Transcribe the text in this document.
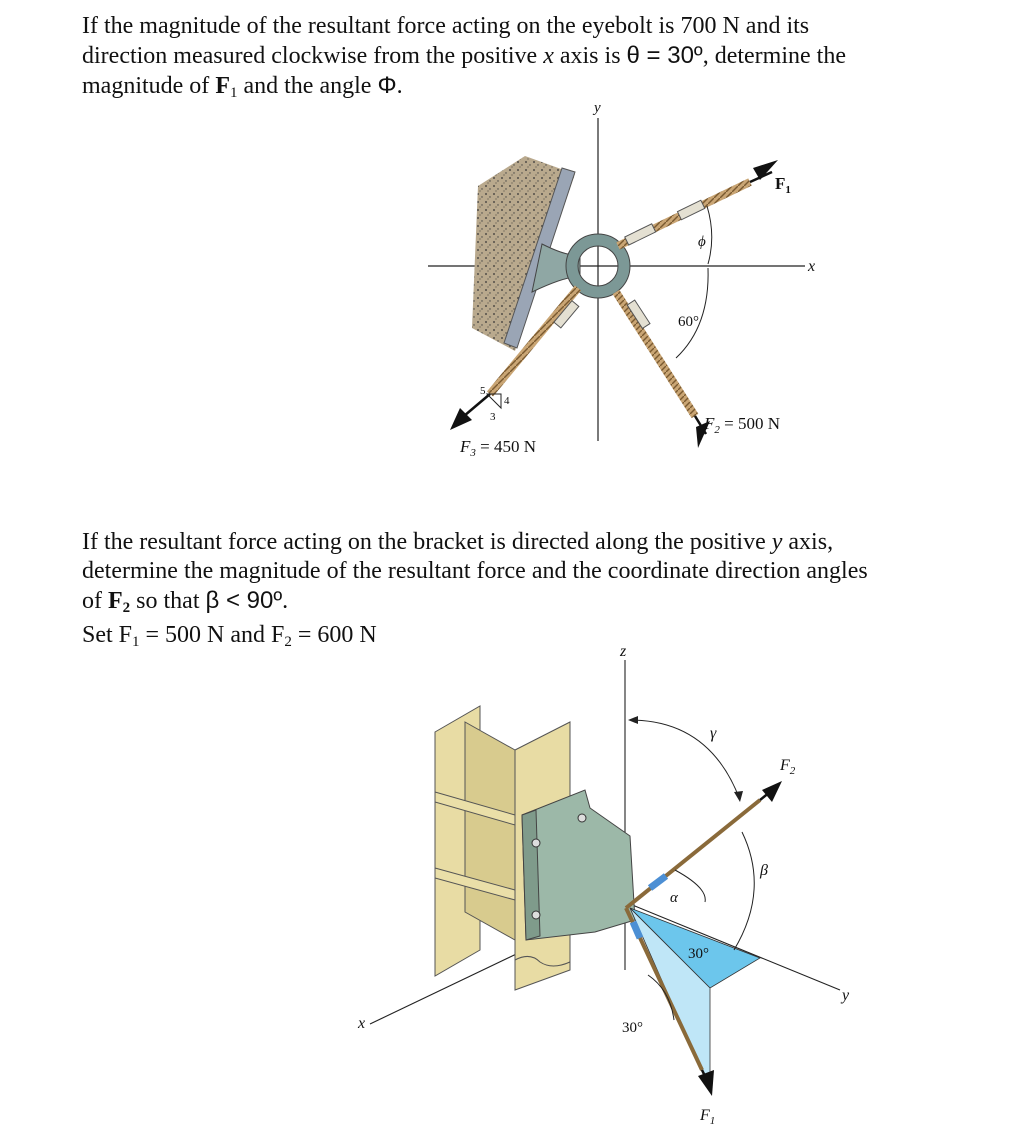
If the magnitude of the resultant force acting on the eyebolt is 700 N and its
direction measured clockwise from the positive x axis is θ = 30º, determine the
magnitude of $F_1$ and the angle Φ.

y
x
$F_1$
ϕ
60°
$F_2 = 500$ N
$F_3 = 450$ N
5
4
3

If the resultant force acting on the bracket is directed along the positive y axis,
determine the magnitude of the resultant force and the coordinate direction angles
of $F_2$ so that β < 90º.

Set $F_1 = 500$ N and $F_2 = 600$ N

z
x
y
$F_2$
$F_1$
γ
β
α
30°
30°
